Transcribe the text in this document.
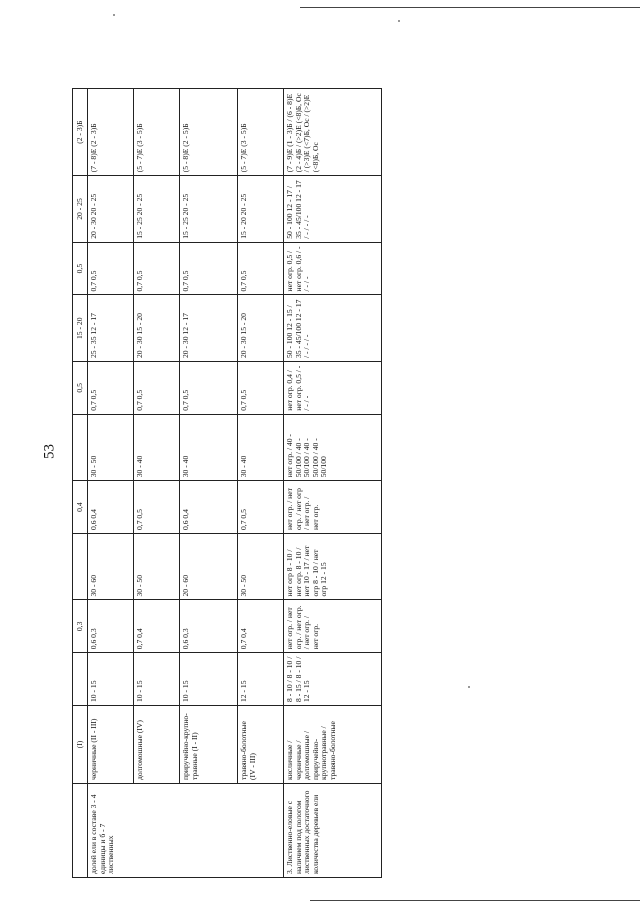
53
	(I)		0,3		0,4		0,5	15 - 20	0,5	20 - 25	(2 - 3)Б
долей ели в составе 3 - 4 единицы и б - 7 лиственных	черничные (II - III)	10 - 15	0,6 0,3	30 - 60	0,6 0,4	30 - 50	0,7 0,5	25 - 35 12 - 17	0,7 0,5	20 - 30 20 - 25	(7 - 8)Е (2 - 3)Б
	долгомошные (IV)	10 - 15	0,7 0,4	30 - 50	0,7 0,5	30 - 40	0,7 0,5	20 - 30 15 - 20	0,7 0,5	15 - 25 20 - 25	(5 - 7)Е (3 - 5)Б
	приручейно-крупно-травные (I - II)	10 - 15	0,6 0,3	20 - 60	0,6 0,4	30 - 40	0,7 0,5	20 - 30 12 - 17	0,7 0,5	15 - 25 20 - 25	(5 - 8)Е (2 - 5)Б
	травяно-болотные (IV - III)	12 - 15	0,7 0,4	30 - 50	0,7 0,5	30 - 40	0,7 0,5	20 - 30 15 - 20	0,7 0,5	15 - 20 20 - 25	(5 - 7)Е (3 - 5)Б
3. Лиственно-еловые с наличием под пологом лиственных достаточного количества деревьев ели	кисличные / черничные / долгомошные / приручейно-крупнотравные / травяно-болотные	8 - 10 / 8 - 10 / 8 - 15 / 8 - 10 / 12 - 15	нет огр. / нет огр. / нет огр. / нет огр. / нет огр.	нет огр 8 - 10 / нет огр. 8 - 10 / нет 10 - 17 / нет огр 8 - 10 / нет огр 12 - 15	нет огр. / нет огр. / нет огр / нет огр. / нет огр.	нет огр. / 40 - 50/100 / 40 - 50/100 / 40 - 50/100 / 40 - 50/100	нет огр. 0,4 / нет огр. 0,5 / - / - / -	50 - 100 12 - 15 / 35 - 45/100 12 - 17 / - / - / -	нет огр. 0,5 / нет огр. 0,6 / - / - / -	50 - 100 12 - 17 / 35 - 45/100 12 - 17 / - / - / -	(7 - 9)Е (1 - 3)Б / (6 - 8)Е (2 - 4)Б / (>2)Е (<8)Б, Ос / (>3)Е (<7)Б, Ос / (>2)Е (<8)Б, Ос
